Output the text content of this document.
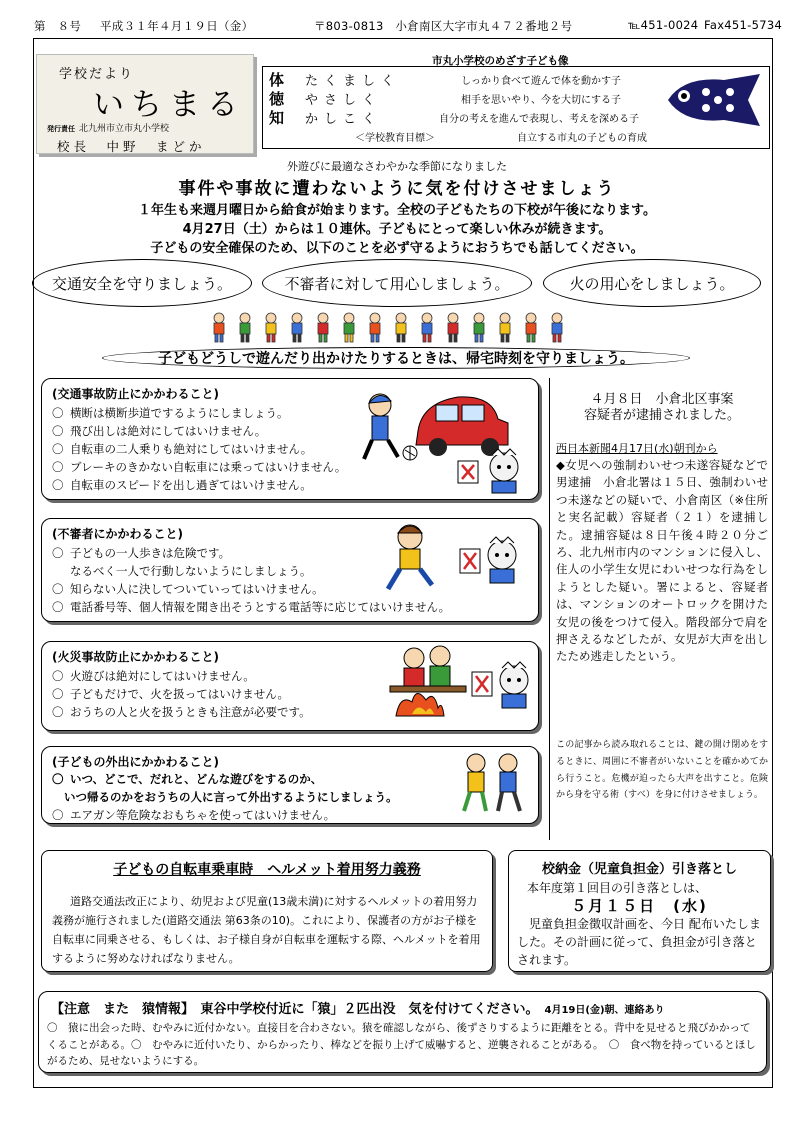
第　８号 平成３１年４月１９日（金）	〒803-0813　小倉南区大字市丸４７２番地２号	℡451-0024 Fax451-5734
学校だより
いちまる
発行責任 北九州市立市丸小学校
校長　中野　まどか
市丸小学校のめざす子ども像
体 たくましく	しっかり食べて遊んで体を動かす子
徳 やさしく	相手を思いやり、今を大切にする子
知 かしこく	自分の考えを進んで表現し、考えを深める子
＜学校教育目標＞	自立する市丸の子どもの育成
外遊びに最適なさわやかな季節になりました
事件や事故に遭わないように気を付けさせましょう
１年生も来週月曜日から給食が始まります。全校の子どもたちの下校が午後になります。
4月27日（土）からは１０連休。子どもにとって楽しい休みが続きます。
子どもの安全確保のため、以下のことを必ず守るようにおうちでも話してください。
交通安全を守りましょう。	不審者に対して用心しましょう。	火の用心をしましょう。
子どもどうしで遊んだり出かけたりするときは、帰宅時刻を守りましょう。
(交通事故防止にかかわること)
〇 横断は横断歩道でするようにしましょう。
〇 飛び出しは絶対にしてはいけません。
〇 自転車の二人乗りも絶対にしてはいけません。
〇 ブレーキのきかない自転車には乗ってはいけません。
〇 自転車のスピードを出し過ぎてはいけません。
(不審者にかかわること)
〇 子どもの一人歩きは危険です。
なるべく一人で行動しないようにしましょう。
〇 知らない人に決してついていってはいけません。
〇 電話番号等、個人情報を聞き出そうとする電話等に応じてはいけません。
(火災事故防止にかかわること)
〇 火遊びは絶対にしてはいけません。
〇 子どもだけで、火を扱ってはいけません。
〇 おうちの人と火を扱うときも注意が必要です。
(子どもの外出にかかわること)
〇 いつ、どこで、だれと、どんな遊びをするのか、
いつ帰るのかをおうちの人に言って外出するようにしましょう。
〇 エアガン等危険なおもちゃを使ってはいけません。
４月８日　小倉北区事案
容疑者が逮捕されました。
西日本新聞4月17日(水)朝刊から
◆女児への強制わいせつ未遂容疑などで男逮捕　小倉北署は１５日、強制わいせつ未遂などの疑いで、小倉南区（※住所と実名記載）容疑者（２１）を逮捕した。逮捕容疑は８日午後４時２０分ごろ、北九州市内のマンションに侵入し、住人の小学生女児にわいせつな行為をしようとした疑い。署によると、容疑者は、マンションのオートロックを開けた女児の後をつけて侵入。階段部分で肩を押さえるなどしたが、女児が大声を出したため逃走したという。
この記事から読み取れることは、鍵の開け閉めをするときに、周囲に不審者がいないことを確かめてから行うこと。危機が迫ったら大声を出すこと。危険から身を守る術（すべ）を身に付けさせましょう。
子どもの自転車乗車時　ヘルメット着用努力義務
道路交通法改正により、幼児および児童(13歳未満)に対するヘルメットの着用努力義務が施行されました(道路交通法 第63条の10)。これにより、保護者の方がお子様を自転車に同乗させる、もしくは、お子様自身が自転車を運転する際、ヘルメットを着用するように努めなければなりません。
校納金（児童負担金）引き落とし
本年度第１回目の引き落としは、
５月１５日　(水)
児童負担金徴収計画を、今日 配布いたしました。その計画に従って、負担金が引き落とされます。
【注意　また　猿情報】　東谷中学校付近に「猿」２匹出没　気を付けてください。 4月19日(金)朝、連絡あり
〇　猿に出会った時、むやみに近付かない。直接目を合わさない。猿を確認しながら、後ずさりするように距離をとる。背中を見せると飛びかかってくることがある。〇　むやみに近付いたり、からかったり、棒などを振り上げて威嚇すると、逆襲されることがある。　〇　食べ物を持っているとほしがるため、見せないようにする。
